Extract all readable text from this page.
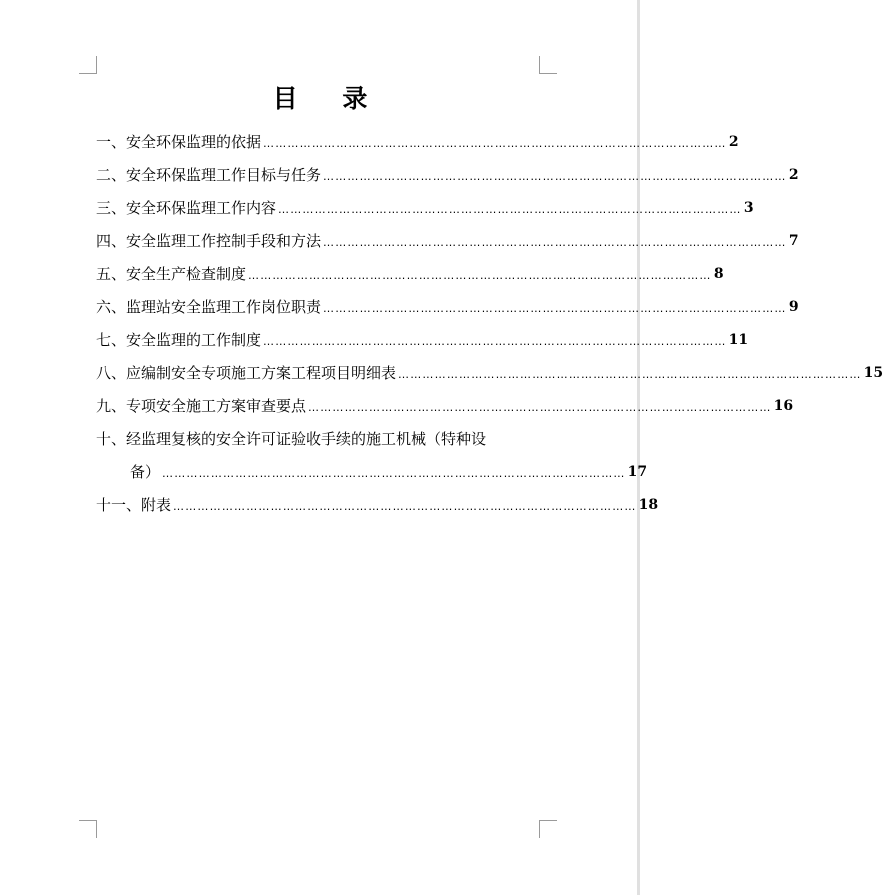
目 录
一、安全环保监理的依据 …………………………………………………………………………………………………… 2
二、安全环保监理工作目标与任务 …………………………………………………………………………………………………… 2
三、安全环保监理工作内容 …………………………………………………………………………………………………… 3
四、安全监理工作控制手段和方法 …………………………………………………………………………………………………… 7
五、安全生产检查制度 …………………………………………………………………………………………………… 8
六、监理站安全监理工作岗位职责 …………………………………………………………………………………………………… 9
七、安全监理的工作制度 …………………………………………………………………………………………………… 11
八、应编制安全专项施工方案工程项目明细表 …………………………………………………………………………………………………… 15
九、专项安全施工方案审查要点 …………………………………………………………………………………………………… 16
十、经监理复核的安全许可证验收手续的施工机械（特种设
备） …………………………………………………………………………………………………… 17
十一、附表 …………………………………………………………………………………………………… 18
